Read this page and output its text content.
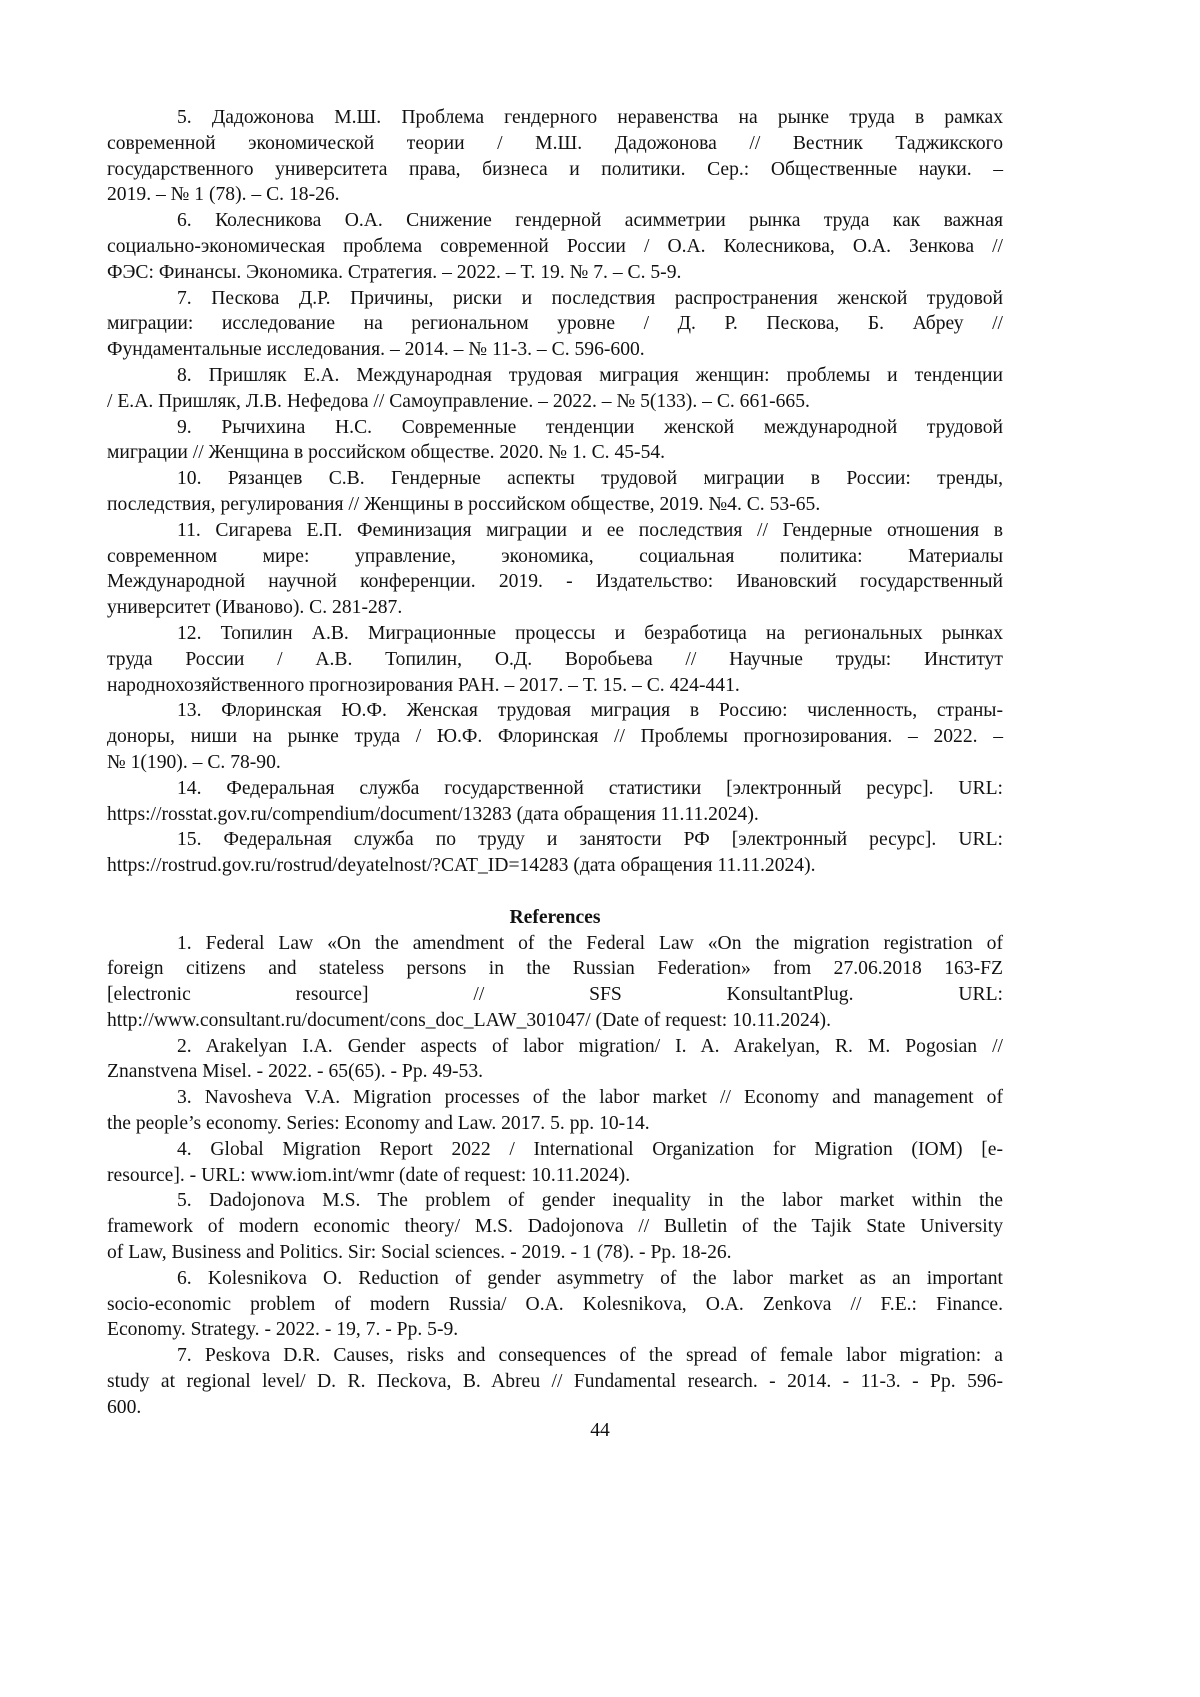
5. Дадожонова М.Ш. Проблема гендерного неравенства на рынке труда в рамках
современной экономической теории / М.Ш. Дадожонова // Вестник Таджикского
государственного университета права, бизнеса и политики. Сер.: Общественные науки. –
2019. – № 1 (78). – С. 18-26.
6. Колесникова О.А. Снижение гендерной асимметрии рынка труда как важная
социально-экономическая проблема современной России / О.А. Колесникова, О.А. Зенкова //
ФЭС: Финансы. Экономика. Стратегия. – 2022. – Т. 19. № 7. – С. 5-9.
7. Пескова Д.Р. Причины, риски и последствия распространения женской трудовой
миграции: исследование на региональном уровне / Д. Р. Пескова, Б. Абреу //
Фундаментальные исследования. – 2014. – № 11-3. – С. 596-600.
8. Пришляк Е.А. Международная трудовая миграция женщин: проблемы и тенденции
/ Е.А. Пришляк, Л.В. Нефедова // Самоуправление. – 2022. – № 5(133). – С. 661-665.
9. Рычихина Н.С. Современные тенденции женской международной трудовой
миграции // Женщина в российском обществе. 2020. № 1. С. 45-54.
10. Рязанцев С.В. Гендерные аспекты трудовой миграции в России: тренды,
последствия, регулирования // Женщины в российском обществе, 2019. №4. С. 53-65.
11. Сигарева Е.П. Феминизация миграции и ее последствия // Гендерные отношения в
современном мире: управление, экономика, социальная политика: Материалы
Международной научной конференции. 2019. - Издательство: Ивановский государственный
университет (Иваново). С. 281-287.
12. Топилин А.В. Миграционные процессы и безработица на региональных рынках
труда России / А.В. Топилин, О.Д. Воробьева // Научные труды: Институт
народнохозяйственного прогнозирования РАН. – 2017. – Т. 15. – С. 424-441.
13. Флоринская Ю.Ф. Женская трудовая миграция в Россию: численность, страны-
доноры, ниши на рынке труда / Ю.Ф. Флоринская // Проблемы прогнозирования. – 2022. –
№ 1(190). – С. 78-90.
14. Федеральная служба государственной статистики [электронный ресурс]. URL:
https://rosstat.gov.ru/compendium/document/13283 (дата обращения 11.11.2024).
15. Федеральная служба по труду и занятости РФ [электронный ресурс]. URL:
https://rostrud.gov.ru/rostrud/deyatelnost/?CAT_ID=14283 (дата обращения 11.11.2024).
References
1. Federal Law «On the amendment of the Federal Law «On the migration registration of
foreign citizens and stateless persons in the Russian Federation» from 27.06.2018 163-FZ
[electronic resource] // SFS KonsultantPlug. URL:
http://www.consultant.ru/document/cons_doc_LAW_301047/ (Date of request: 10.11.2024).
2. Arakelyan I.A. Gender aspects of labor migration/ I. A. Arakelyan, R. M. Pogosian //
Znanstvena Misel. - 2022. - 65(65). - Pp. 49-53.
3. Navosheva V.A. Migration processes of the labor market // Economy and management of
the people’s economy. Series: Economy and Law. 2017. 5. pp. 10-14.
4. Global Migration Report 2022 / International Organization for Migration (IOM) [e-
resource]. - URL: www.iom.int/wmr (date of request: 10.11.2024).
5. Dadojonova M.S. The problem of gender inequality in the labor market within the
framework of modern economic theory/ M.S. Dadojonova // Bulletin of the Tajik State University
of Law, Business and Politics. Sir: Social sciences. - 2019. - 1 (78). - Pp. 18-26.
6. Kolesnikova O. Reduction of gender asymmetry of the labor market as an important
socio-economic problem of modern Russia/ O.A. Kolesnikova, O.A. Zenkova // F.E.: Finance.
Economy. Strategy. - 2022. - 19, 7. - Pp. 5-9.
7. Peskova D.R. Causes, risks and consequences of the spread of female labor migration: a
study at regional level/ D. R. Пeckova, B. Abreu // Fundamental research. - 2014. - 11-3. - Pp. 596-
600.
44
